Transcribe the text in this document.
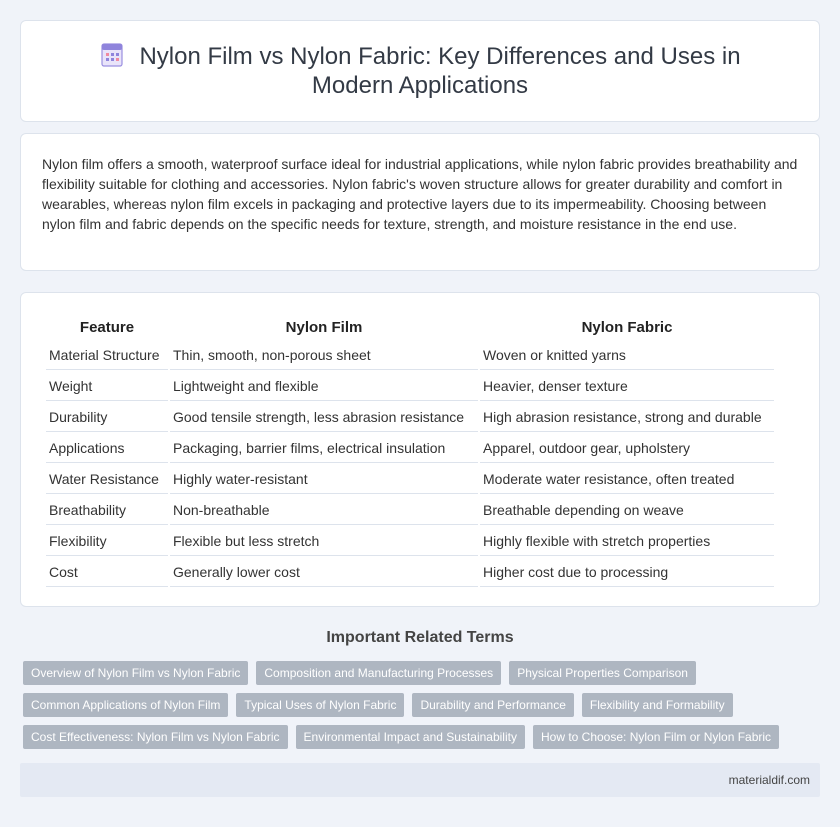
Nylon Film vs Nylon Fabric: Key Differences and Uses in Modern Applications

Nylon film offers a smooth, waterproof surface ideal for industrial applications, while nylon fabric provides breathability and flexibility suitable for clothing and accessories. Nylon fabric's woven structure allows for greater durability and comfort in wearables, whereas nylon film excels in packaging and protective layers due to its impermeability. Choosing between nylon film and fabric depends on the specific needs for texture, strength, and moisture resistance in the end use.

Feature	Nylon Film	Nylon Fabric
Material Structure	Thin, smooth, non-porous sheet	Woven or knitted yarns
Weight	Lightweight and flexible	Heavier, denser texture
Durability	Good tensile strength, less abrasion resistance	High abrasion resistance, strong and durable
Applications	Packaging, barrier films, electrical insulation	Apparel, outdoor gear, upholstery
Water Resistance	Highly water-resistant	Moderate water resistance, often treated
Breathability	Non-breathable	Breathable depending on weave
Flexibility	Flexible but less stretch	Highly flexible with stretch properties
Cost	Generally lower cost	Higher cost due to processing
Important Related Terms
Overview of Nylon Film vs Nylon Fabric	Composition and Manufacturing Processes	Physical Properties Comparison
Common Applications of Nylon Film	Typical Uses of Nylon Fabric	Durability and Performance	Flexibility and Formability
Cost Effectiveness: Nylon Film vs Nylon Fabric	Environmental Impact and Sustainability	How to Choose: Nylon Film or Nylon Fabric
materialdif.com
